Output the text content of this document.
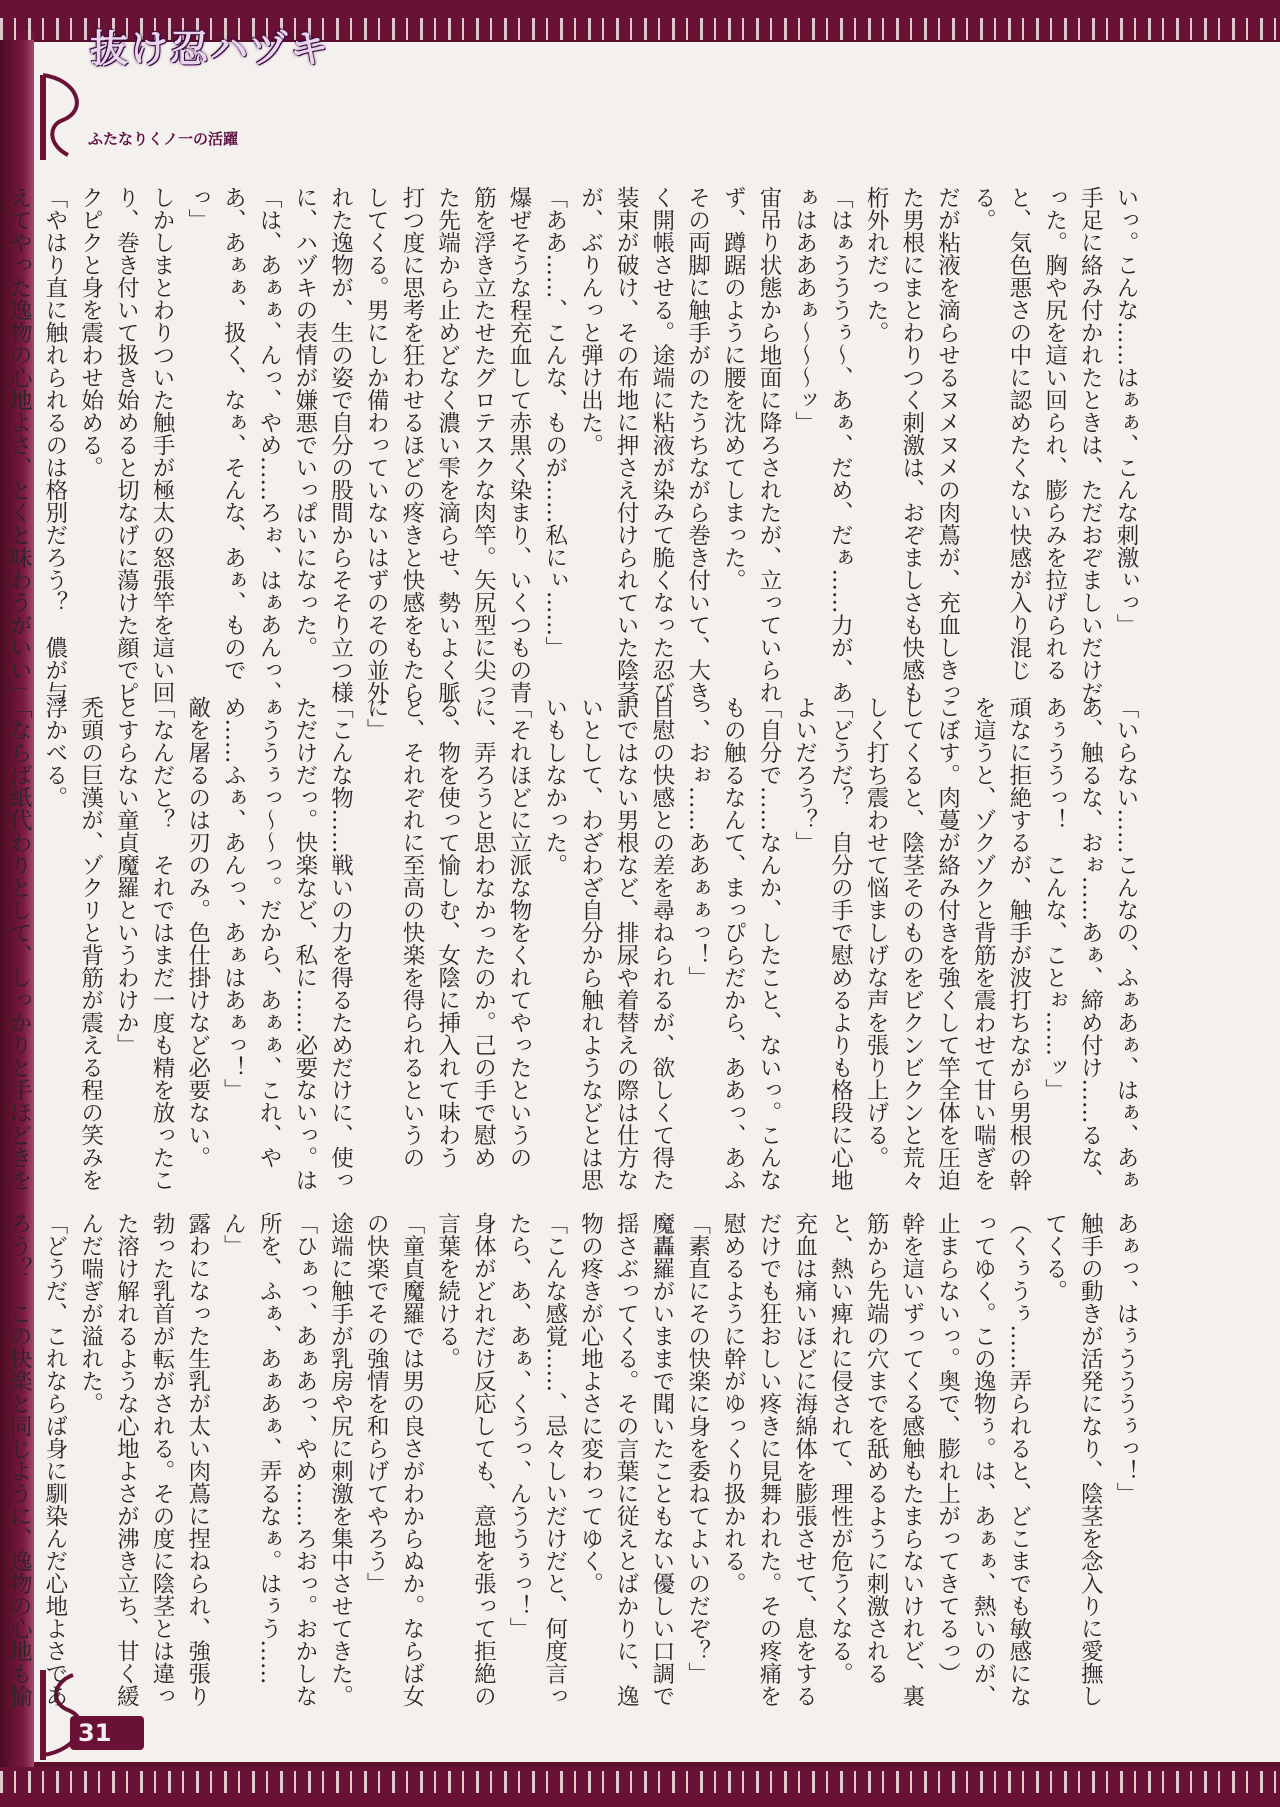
抜け忍ハヅキ
ふたなりくノ一の活躍
31

いっ。こんな……はぁぁ、こんな刺激ぃっ」

手足に絡み付かれたときは、ただおぞましいだけだった。胸や尻を這い回られ、膨らみを拉げられると、気色悪さの中に認めたくない快感が入り混じる。

だが粘液を滴らせるヌメヌメの肉蔦が、充血しきった男根にまとわりつく刺激は、おぞましさも快感も桁外れだった。

「はぁうううぅ〜、あぁ、だめ、だぁ……力が、あぁはあああぁ〜〜〜ッ」

宙吊り状態から地面に降ろされたが、立っていられず、蹲踞のように腰を沈めてしまった。

その両脚に触手がのたうちながら巻き付いて、大きく開帳させる。途端に粘液が染みて脆くなった忍び装束が破け、その布地に押さえ付けられていた陰茎が、ぶりんっと弾け出た。

「ああ……、こんな、ものが……私にぃ……」

爆ぜそうな程充血して赤黒く染まり、いくつもの青筋を浮き立たせたグロテスクな肉竿。矢尻型に尖った先端から止めどなく濃い雫を滴らせ、勢いよく脈打つ度に思考を狂わせるほどの疼きと快感をもたらしてくる。男にしか備わっていないはずのその並外れた逸物が、生の姿で自分の股間からそそり立つ様に、ハヅキの表情が嫌悪でいっぱいになった。

「は、あぁぁ、んっ、やめ……ろぉ、はぁあんっ、あ、あぁぁ、扱く、なぁ、そんな、あぁ、ものでっ」

しかしまとわりついた触手が極太の怒張竿を這い回り、巻き付いて扱き始めると切なげに蕩けた顔でピクピクと身を震わせ始める。

「やはり直に触れられるのは格別だろう？　儂が与えてやった逸物の心地よさ、とくと味わうがいい」

「いらない……こんなの、ふぁあぁ、はぁ、あぁあ、触るな、おぉ……あぁ、締め付け……るな、あぅううっ！　こんな、ことぉ……ッ」

頑なに拒絶するが、触手が波打ちながら男根の幹を這うと、ゾクゾクと背筋を震わせて甘い喘ぎをこぼす。肉蔓が絡み付きを強くして竿全体を圧迫してくると、陰茎そのものをビクンビクンと荒々しく打ち震わせて悩ましげな声を張り上げる。

「どうだ？　自分の手で慰めるよりも格段に心地よいだろう？」

「自分で……なんか、したこと、ないっ。こんなもの触るなんて、まっぴらだから、ああっ、あふっ、おぉ……ああぁぁっ！」

自慰の快感との差を尋ねられるが、欲しくて得た訳ではない男根など、排尿や着替えの際は仕方ないとして、わざわざ自分から触れようなどとは思いもしなかった。

「それほどに立派な物をくれてやったというのに、弄ろうと思わなかったのか。己の手で慰める、物を使って愉しむ、女陰に挿入れて味わうと、それぞれに至高の快楽を得られるというのに」

「こんな物……戦いの力を得るためだけに、使っただけだっ。快楽など、私に……必要ないっ。はぁううぅっ〜〜っ。だから、あぁぁ、これ、やめ……ふぁ、あんっ、あぁはあぁっ！」

敵を屠るのは刃のみ。色仕掛けなど必要ない。

「なんだと？　それではまだ一度も精を放ったことすらない童貞魔羅というわけか」

禿頭の巨漢が、ゾクリと背筋が震える程の笑みを浮かべる。

「ならば紙代わりとして、しっかりと手ほどきを

あぁっ、はぅうううぅっ！」

触手の動きが活発になり、陰茎を念入りに愛撫してくる。

（くぅうぅ……弄られると、どこまでも敏感になってゆく。この逸物ぅ。は、あぁぁ、熱いのが、止まらないっ。奥で、膨れ上がってきてるっ）

幹を這いずってくる感触もたまらないけれど、裏筋から先端の穴までを舐めるように刺激されると、熱い痺れに侵されて、理性が危うくなる。

充血は痛いほどに海綿体を膨張させて、息をするだけでも狂おしい疼きに見舞われた。その疼痛を慰めるように幹がゆっくり扱かれる。

「素直にその快楽に身を委ねてよいのだぞ？」

魔轟羅がいままで聞いたこともない優しい口調で揺さぶってくる。その言葉に従えとばかりに、逸物の疼きが心地よさに変わってゆく。

「こんな感覚……、忌々しいだけだと、何度言ったら、あ、あぁ、くうっ、んううぅっ！」

身体がどれだけ反応しても、意地を張って拒絶の言葉を続ける。

「童貞魔羅では男の良さがわからぬか。ならば女の快楽でその強情を和らげてやろう」

途端に触手が乳房や尻に刺激を集中させてきた。

「ひぁっ、あぁあっ、やめ……ろおっ。おかしな所を、ふぁ、あぁあぁ、弄るなぁ。はぅう……ん」

露わになった生乳が太い肉蔦に捏ねられ、強張り勃った乳首が転がされる。その度に陰茎とは違った溶け解れるような心地よさが沸き立ち、甘く緩んだ喘ぎが溢れた。

「どうだ、これならば身に馴染んだ心地よさであろう？　この快楽と同じように、逸物の心地も愉
